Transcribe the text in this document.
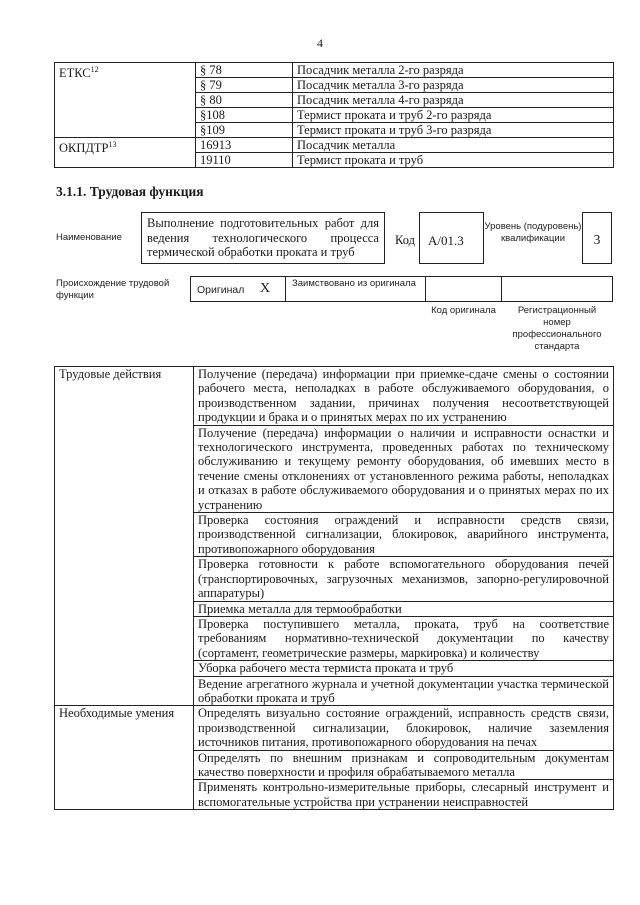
4
ЕТКС$^{12}$	§ 78	Посадчик металла 2-го разряда
	§ 79	Посадчик металла 3-го разряда
	§ 80	Посадчик металла 4-го разряда
	§108	Термист проката и труб 2-го разряда
	§109	Термист проката и труб 3-го разряда
ОКПДТР$^{13}$	16913	Посадчик металла
	19110	Термист проката и труб
3.1.1. Трудовая функция
Наименование
Выполнение подготовительных работ для ведения технологического процесса термической обработки проката и труб
Код А/01.3
Уровень (подуровень) квалификации	3
Происхождение трудовой функции	Оригинал X Заимствовано из оригинала
Код оригинала	Регистрационный номер профессионального стандарта
Трудовые действия	Получение (передача) информации при приемке-сдаче смены о состоянии рабочего места, неполадках в работе обслуживаемого оборудования, о производственном задании, причинах получения несоответствующей продукции и брака и о принятых мерах по их устранению
	Получение (передача) информации о наличии и исправности оснастки и технологического инструмента, проведенных работах по техническому обслуживанию и текущему ремонту оборудования, об имевших место в течение смены отклонениях от установленного режима работы, неполадках и отказах в работе обслуживаемого оборудования и о принятых мерах по их устранению
	Проверка состояния ограждений и исправности средств связи, производственной сигнализации, блокировок, аварийного инструмента, противопожарного оборудования
	Проверка готовности к работе вспомогательного оборудования печей (транспортировочных, загрузочных механизмов, запорно-регулировочной аппаратуры)
	Приемка металла для термообработки
	Проверка поступившего металла, проката, труб на соответствие требованиям нормативно-технической документации по качеству (сортамент, геометрические размеры, маркировка) и количеству
	Уборка рабочего места термиста проката и труб
	Ведение агрегатного журнала и учетной документации участка термической обработки проката и труб
Необходимые умения	Определять визуально состояние ограждений, исправность средств связи, производственной сигнализации, блокировок, наличие заземления источников питания, противопожарного оборудования на печах
	Определять по внешним признакам и сопроводительным документам качество поверхности и профиля обрабатываемого металла
	Применять контрольно-измерительные приборы, слесарный инструмент и вспомогательные устройства при устранении неисправностей
